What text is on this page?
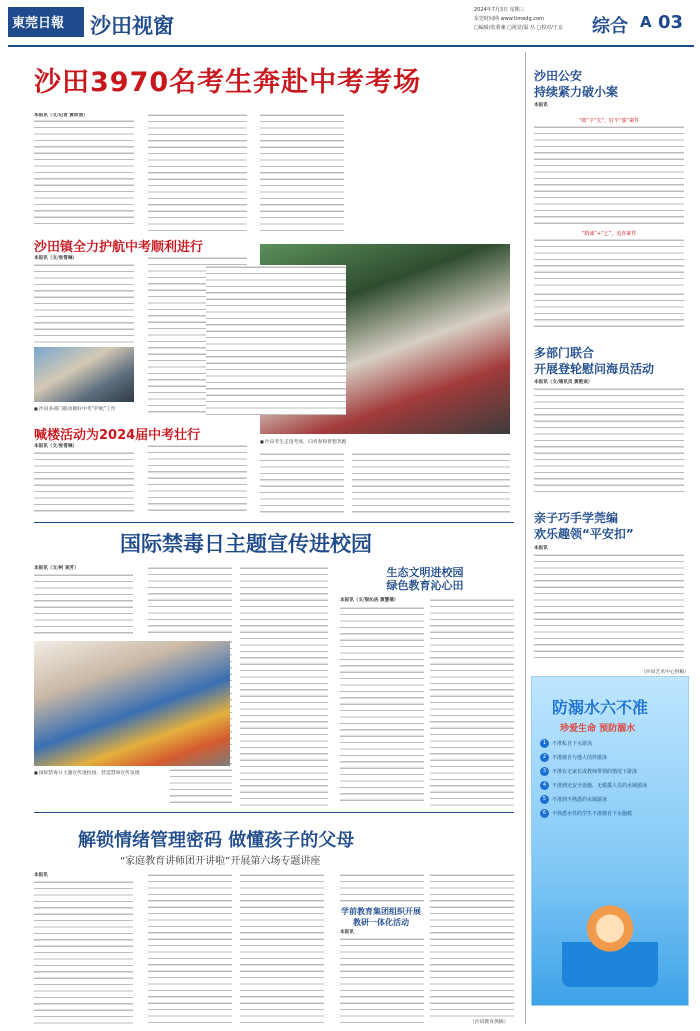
東莞日報 沙田视窗
2024年7月3日 星期三
东莞时间网 www.timedg.com
□编辑/张秉兼 □视觉/温 丛 □校对/王京 综合 A 03
沙田3970名考生奔赴中考考场
本报讯（文/记者 黄政清）
■ 沙田考生走进考场，向青春和梦想奔跑
沙田镇全力护航中考顺利进行
本报讯（文/张雪琳）
■ 沙田多部门联动做好中考“护航”工作
喊楼活动为2024届中考壮行
本报讯（文/张雪琳）
国际禁毒日主题宣传进校园
本报讯（文/柯 美芳）
■ 国际禁毒日主题宣传进校园，营造禁毒宣传氛围
生态文明进校园
绿色教育沁心田
本报讯（文/梁沁洁 黄慧倩）
解锁情绪管理密码 做懂孩子的父母
“家庭教育讲师团开讲啦”开展第六场专题讲座
本报讯
（沙田教育供稿）
学前教育集团组织开展
教研一体化活动
本报讯
沙田公安
持续紧力破小案
本报讯
“细”字“先”，盯牢“偷”案件
“精诚”+“乞”，追查案件
多部门联合
开展登轮慰问海员活动
本报讯（文/通讯员 黄艳欢）
亲子巧手学莞编
欢乐趣领“平安扣”
本报讯
（沙田艺术中心供稿）
防溺水六不准
珍爱生命 预防溺水
1	不准私自下水游泳
2	不准擅自与他人结伴游泳
3	不准在无家长或教师带领的情况下游泳
4	不准到无安全设施、无救援人员的水域游泳
5	不准到不熟悉的水域游泳
6	不熟悉水性的学生不准擅自下水施救
